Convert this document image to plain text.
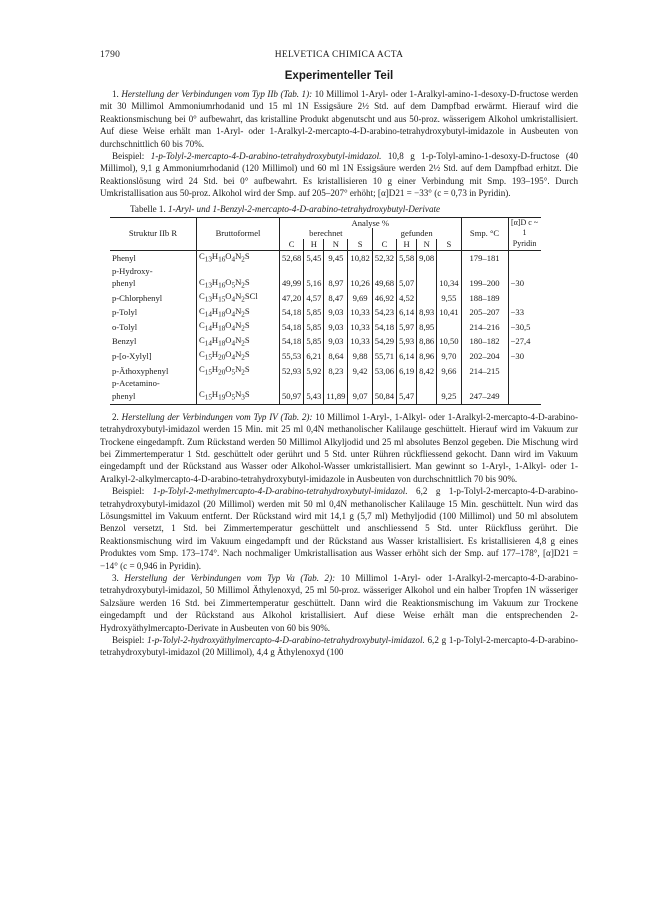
1790	HELVETICA CHIMICA ACTA
Experimenteller Teil

1. Herstellung der Verbindungen vom Typ IIb (Tab. 1): 10 Millimol 1-Aryl- oder 1-Aralkyl-amino-1-desoxy-D-fructose werden mit 30 Millimol Ammoniumrhodanid und 15 ml 1N Essigsäure 2½ Std. auf dem Dampfbad erwärmt. Hierauf wird die Reaktionsmischung bei 0° aufbewahrt, das kristalline Produkt abgenutscht und aus 50-proz. wässerigem Alkohol umkristallisiert. Auf diese Weise erhält man 1-Aryl- oder 1-Aralkyl-2-mercapto-4-D-arabino-tetrahydroxybutyl-imidazole in Ausbeuten von durchschnittlich 60 bis 70%.

Beispiel: 1-p-Tolyl-2-mercapto-4-D-arabino-tetrahydroxybutyl-imidazol. 10,8 g 1-p-Tolyl-amino-1-desoxy-D-fructose (40 Millimol), 9,1 g Ammoniumrhodanid (120 Millimol) und 60 ml 1N Essigsäure werden 2½ Std. auf dem Dampfbad erhitzt. Die Reaktionslösung wird 24 Std. bei 0° aufbewahrt. Es kristallisieren 10 g einer Verbindung mit Smp. 193–195°. Durch Umkristallisation aus 50-proz. Alkohol wird der Smp. auf 205–207° erhöht; [α]D21 = −33° (c = 0,73 in Pyridin).

Tabelle 1. 1-Aryl- und 1-Benzyl-2-mercapto-4-D-arabino-tetrahydroxybutyl-Derivate
Struktur IIb R	Bruttoformel	Analyse %								Smp. °C	[α]D c ~ 1 Pyridin
		berechnet				gefunden					
		C	H	N	S	C	H	N	S		
Phenyl	$C_{13}H_{16}O_4N_2S$	52,68	5,45	9,45	10,82	52,32	5,58	9,08		179–181	
p-Hydroxy-											
phenyl	$C_{13}H_{16}O_5N_2S$	49,99	5,16	8,97	10,26	49,68	5,07		10,34	199–200	−30
p-Chlorphenyl	$C_{13}H_{15}O_4N_2SCl$	47,20	4,57	8,47	9,69	46,92	4,52		9,55	188–189	
p-Tolyl	$C_{14}H_{18}O_4N_2S$	54,18	5,85	9,03	10,33	54,23	6,14	8,93	10,41	205–207	−33
o-Tolyl	$C_{14}H_{18}O_4N_2S$	54,18	5,85	9,03	10,33	54,18	5,97	8,95		214–216	−30,5
Benzyl	$C_{14}H_{18}O_4N_2S$	54,18	5,85	9,03	10,33	54,29	5,93	8,86	10,50	180–182	−27,4
p-[o-Xylyl]	$C_{15}H_{20}O_4N_2S$	55,53	6,21	8,64	9,88	55,71	6,14	8,96	9,70	202–204	−30
p-Äthoxyphenyl	$C_{15}H_{20}O_5N_2S$	52,93	5,92	8,23	9,42	53,06	6,19	8,42	9,66	214–215	
p-Acetamino-											
phenyl	$C_{15}H_{19}O_5N_3S$	50,97	5,43	11,89	9,07	50,84	5,47		9,25	247–249	

2. Herstellung der Verbindungen vom Typ IV (Tab. 2): 10 Millimol 1-Aryl-, 1-Alkyl- oder 1-Aralkyl-2-mercapto-4-D-arabino-tetrahydroxybutyl-imidazol werden 15 Min. mit 25 ml 0,4N methanolischer Kalilauge geschüttelt. Hierauf wird im Vakuum zur Trockene eingedampft. Zum Rückstand werden 50 Millimol Alkyljodid und 25 ml absolutes Benzol gegeben. Die Mischung wird bei Zimmertemperatur 1 Std. geschüttelt oder gerührt und 5 Std. unter Rühren rückfliessend gekocht. Dann wird im Vakuum eingedampft und der Rückstand aus Wasser oder Alkohol-Wasser umkristallisiert. Man gewinnt so 1-Aryl-, 1-Alkyl- oder 1-Aralkyl-2-alkylmercapto-4-D-arabino-tetrahydroxybutyl-imidazole in Ausbeuten von durchschnittlich 70 bis 90%.

Beispiel: 1-p-Tolyl-2-methylmercapto-4-D-arabino-tetrahydroxybutyl-imidazol. 6,2 g 1-p-Tolyl-2-mercapto-4-D-arabino-tetrahydroxybutyl-imidazol (20 Millimol) werden mit 50 ml 0,4N methanolischer Kalilauge 15 Min. geschüttelt. Nun wird das Lösungsmittel im Vakuum entfernt. Der Rückstand wird mit 14,1 g (5,7 ml) Methyljodid (100 Millimol) und 50 ml absolutem Benzol versetzt, 1 Std. bei Zimmertemperatur geschüttelt und anschliessend 5 Std. unter Rückfluss gerührt. Die Reaktionsmischung wird im Vakuum eingedampft und der Rückstand aus Wasser kristallisiert. Es kristallisieren 4,8 g eines Produktes vom Smp. 173–174°. Nach nochmaliger Umkristallisation aus Wasser erhöht sich der Smp. auf 177–178°, [α]D21 = −14° (c = 0,946 in Pyridin).

3. Herstellung der Verbindungen vom Typ Va (Tab. 2): 10 Millimol 1-Aryl- oder 1-Aralkyl-2-mercapto-4-D-arabino-tetrahydroxybutyl-imidazol, 50 Millimol Äthylenoxyd, 25 ml 50-proz. wässeriger Alkohol und ein halber Tropfen 1N wässeriger Salzsäure werden 16 Std. bei Zimmertemperatur geschüttelt. Dann wird die Reaktionsmischung im Vakuum zur Trockene eingedampft und der Rückstand aus Alkohol kristallisiert. Auf diese Weise erhält man die entsprechenden 2-Hydroxyäthylmercapto-Derivate in Ausbeuten von 60 bis 90%.

Beispiel: 1-p-Tolyl-2-hydroxyäthylmercapto-4-D-arabino-tetrahydroxybutyl-imidazol. 6,2 g 1-p-Tolyl-2-mercapto-4-D-arabino-tetrahydroxybutyl-imidazol (20 Millimol), 4,4 g Äthylenoxyd (100
